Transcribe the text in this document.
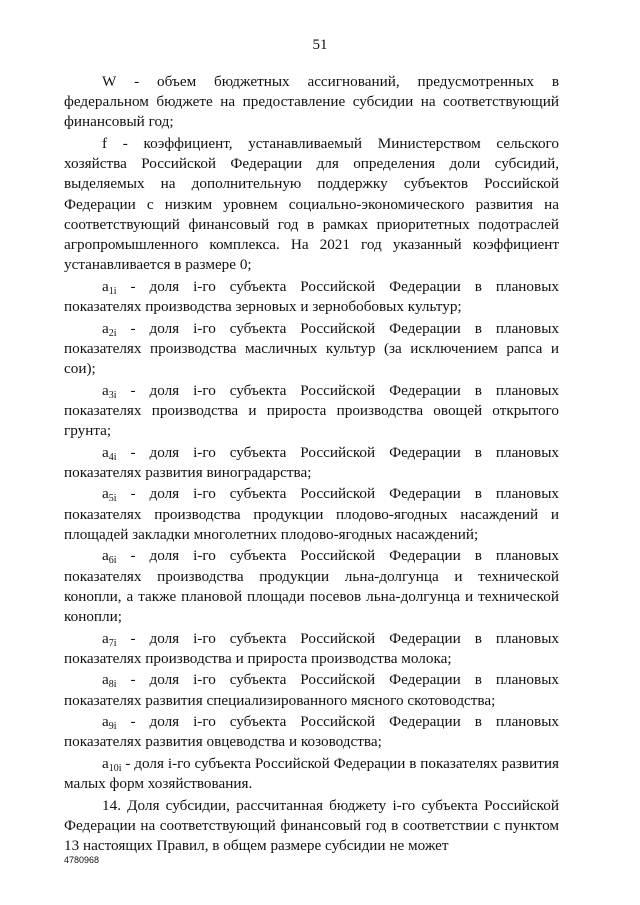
51

W - объем бюджетных ассигнований, предусмотренных в федеральном бюджете на предоставление субсидии на соответствующий финансовый год;

f - коэффициент, устанавливаемый Министерством сельского хозяйства Российской Федерации для определения доли субсидий, выделяемых на дополнительную поддержку субъектов Российской Федерации с низким уровнем социально-экономического развития на соответствующий финансовый год в рамках приоритетных подотраслей агропромышленного комплекса. На 2021 год указанный коэффициент устанавливается в размере 0;

$a_{1i}$ - доля i-го субъекта Российской Федерации в плановых показателях производства зерновых и зернобобовых культур;

$a_{2i}$ - доля i-го субъекта Российской Федерации в плановых показателях производства масличных культур (за исключением рапса и сои);

$a_{3i}$ - доля i-го субъекта Российской Федерации в плановых показателях производства и прироста производства овощей открытого грунта;

$a_{4i}$ - доля i-го субъекта Российской Федерации в плановых показателях развития виноградарства;

$a_{5i}$ - доля i-го субъекта Российской Федерации в плановых показателях производства продукции плодово-ягодных насаждений и площадей закладки многолетних плодово-ягодных насаждений;

$a_{6i}$ - доля i-го субъекта Российской Федерации в плановых показателях производства продукции льна-долгунца и технической конопли, а также плановой площади посевов льна-долгунца и технической конопли;

$a_{7i}$ - доля i-го субъекта Российской Федерации в плановых показателях производства и прироста производства молока;

$a_{8i}$ - доля i-го субъекта Российской Федерации в плановых показателях развития специализированного мясного скотоводства;

$a_{9i}$ - доля i-го субъекта Российской Федерации в плановых показателях развития овцеводства и козоводства;

$a_{10i}$ - доля i-го субъекта Российской Федерации в показателях развития малых форм хозяйствования.

14. Доля субсидии, рассчитанная бюджету i-го субъекта Российской Федерации на соответствующий финансовый год в соответствии с пунктом 13 настоящих Правил, в общем размере субсидии не может

4780968
